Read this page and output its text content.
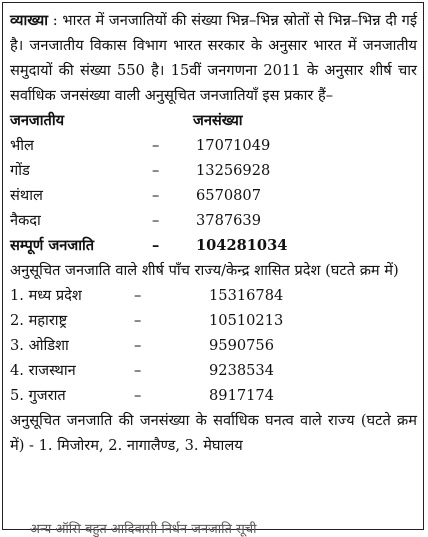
व्याख्या : भारत में जनजातियों की संख्या भिन्न–भिन्न स्रोतों से भिन्न–भिन्न दी गई है। जनजातीय विकास विभाग भारत सरकार के अनुसार भारत में जनजातीय समुदायों की संख्या 550 है। 15वीं जनगणना 2011 के अनुसार शीर्ष चार सर्वाधिक जनसंख्या वाली अनुसूचित जनजातियाँ इस प्रकार हैं–

जनजातीय	जनसंख्या
भील	–	17071049
गोंड	–	13256928
संथाल	–	6570807
नैकदा	–	3787639
सम्पूर्ण जनजाति	–	104281034

अनुसूचित जनजाति वाले शीर्ष पाँच राज्य/केन्द्र शासित प्रदेश (घटते क्रम में)

1. मध्य प्रदेश	–	15316784
2. महाराष्ट्र	–	10510213
3. ओडिशा	–	9590756
4. राजस्थान	–	9238534
5. गुजरात	–	8917174

अनुसूचित जनजाति की जनसंख्या के सर्वाधिक घनत्व वाले राज्य (घटते क्रम में) - 1. मिजोरम, 2. नागालैण्ड, 3. मेघालय

अन्य ऑसि बहुत आदिवासी निर्धन जनजाति सूची
